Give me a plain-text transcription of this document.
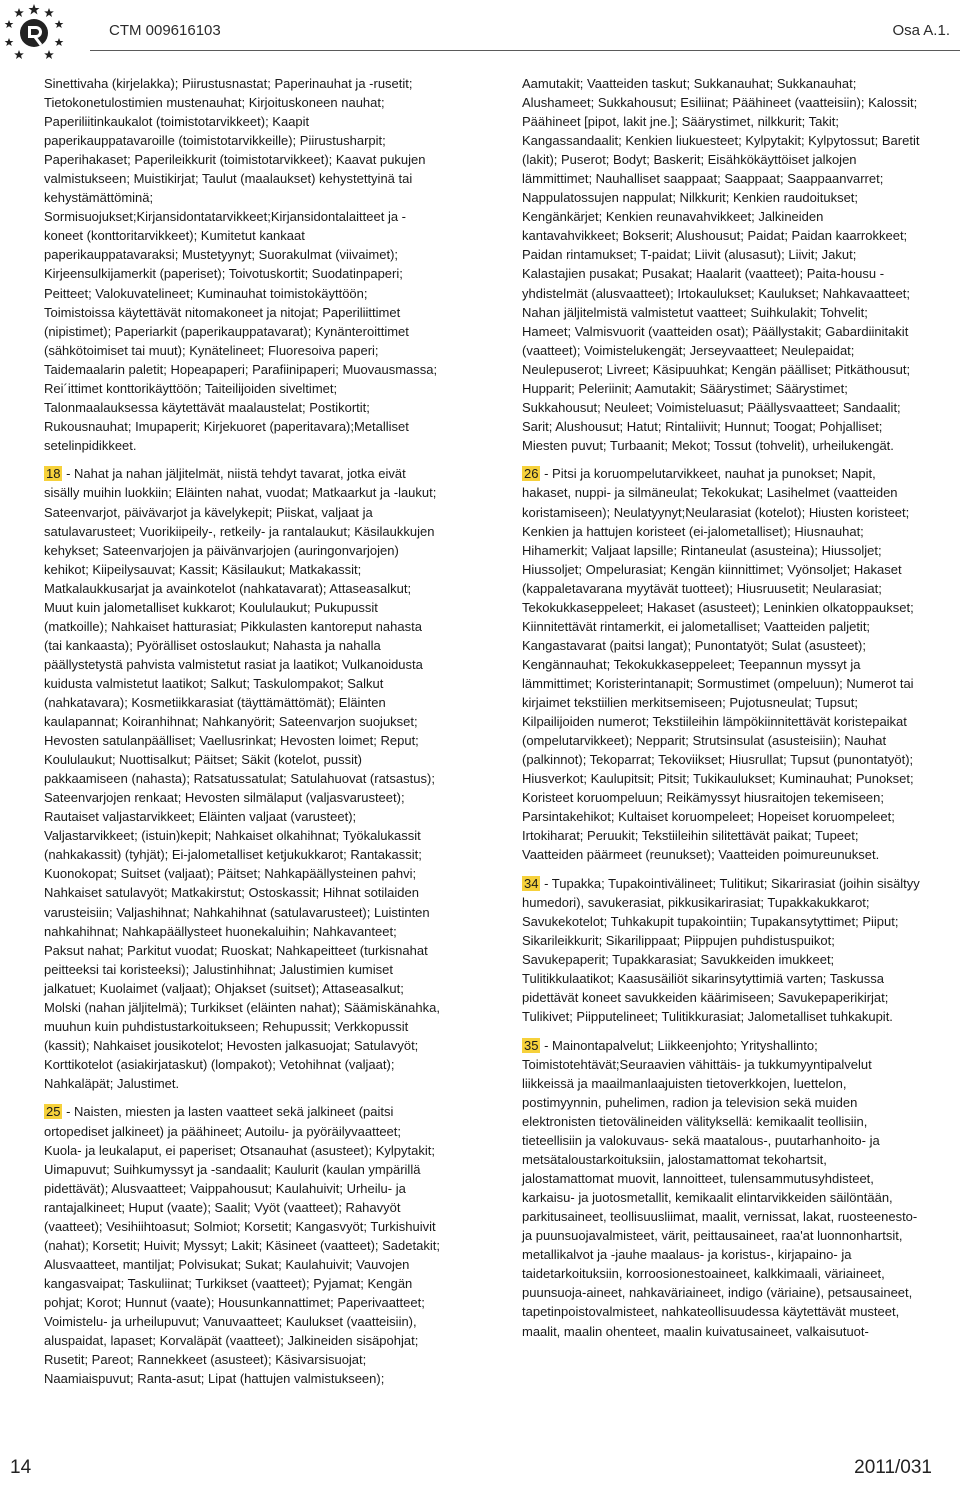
CTM 009616103	Osa A.1.

Sinettivaha (kirjelakka); Piirustusnastat; Paperinauhat ja -rusetit; Tietokonetulostimien mustenauhat; Kirjoituskoneen nauhat; Paperiliitinkaukalot (toimistotarvikkeet); Kaapit paperikauppatavaroille (toimistotarvikkeille); Piirustusharpit; Paperihakaset; Paperileikkurit (toimistotarvikkeet); Kaavat pukujen valmistukseen; Muistikirjat; Taulut (maalaukset) kehystettyinä tai kehystämättöminä; Sormisuojukset;Kirjansidontatarvikkeet;Kirjansidontalaitteet ja -koneet (konttoritarvikkeet); Kumitetut kankaat paperikauppatavaraksi; Mustetyynyt; Suorakulmat (viivaimet); Kirjeensulkijamerkit (paperiset); Toivotuskortit; Suodatinpaperi; Peitteet; Valokuvatelineet; Kuminauhat toimistokäyttöön; Toimistoissa käytettävät nitomakoneet ja nitojat; Paperiliittimet (nipistimet); Paperiarkit (paperikauppatavarat); Kynänteroittimet (sähkötoimiset tai muut); Kynätelineet; Fluoresoiva paperi; Taidemaalarin paletit; Hopeapaperi; Parafiinipaperi; Muovausmassa; Rei´ittimet konttorikäyttöön; Taiteilijoiden siveltimet; Talonmaalauksessa käytettävät maalaustelat; Postikortit; Rukousnauhat; Imupaperit; Kirjekuoret (paperitavara);Metalliset setelinpidikkeet.

18 - Nahat ja nahan jäljitelmät, niistä tehdyt tavarat, jotka eivät sisälly muihin luokkiin; Eläinten nahat, vuodat; Matkaarkut ja -laukut; Sateenvarjot, päivävarjot ja kävelykepit; Piiskat, valjaat ja satulavarusteet; Vuorikiipeily-, retkeily- ja rantalaukut; Käsilaukkujen kehykset; Sateenvarjojen ja päivänvarjojen (auringonvarjojen) kehikot; Kiipeilysauvat; Kassit; Käsilaukut; Matkakassit; Matkalaukkusarjat ja avainkotelot (nahkatavarat); Attaseasalkut; Muut kuin jalometalliset kukkarot; Koululaukut; Pukupussit (matkoille); Nahkaiset hatturasiat; Pikkulasten kantoreput nahasta (tai kankaasta); Pyörälliset ostoslaukut; Nahasta ja nahalla päällystetystä pahvista valmistetut rasiat ja laatikot; Vulkanoidusta kuidusta valmistetut laatikot; Salkut; Taskulompakot; Salkut (nahkatavara); Kosmetiikkarasiat (täyttämättömät); Eläinten kaulapannat; Koiranhihnat; Nahkanyörit; Sateenvarjon suojukset; Hevosten satulanpäälliset; Vaellusrinkat; Hevosten loimet; Reput; Koululaukut; Nuottisalkut; Päitset; Säkit (kotelot, pussit) pakkaamiseen (nahasta); Ratsatussatulat; Satulahuovat (ratsastus); Sateenvarjojen renkaat; Hevosten silmälaput (valjasvarusteet); Rautaiset valjastarvikkeet; Eläinten valjaat (varusteet); Valjastarvikkeet; (istuin)kepit; Nahkaiset olkahihnat; Työkalukassit (nahkakassit) (tyhjät); Ei-jalometalliset ketjukukkarot; Rantakassit; Kuonokopat; Suitset (valjaat); Päitset; Nahkapäällysteinen pahvi; Nahkaiset satulavyöt; Matkakirstut; Ostoskassit; Hihnat sotilaiden varusteisiin; Valjashihnat; Nahkahihnat (satulavarusteet); Luistinten nahkahihnat; Nahkapäällysteet huonekaluihin; Nahkavanteet; Paksut nahat; Parkitut vuodat; Ruoskat; Nahkapeitteet (turkisnahat peitteeksi tai koristeeksi); Jalustinhihnat; Jalustimien kumiset jalkatuet; Kuolaimet (valjaat); Ohjakset (suitset); Attaseasalkut; Molski (nahan jäljitelmä); Turkikset (eläinten nahat); Säämiskänahka, muuhun kuin puhdistustarkoitukseen; Rehupussit; Verkkopussit (kassit); Nahkaiset jousikotelot; Hevosten jalkasuojat; Satulavyöt; Korttikotelot (asiakirjataskut) (lompakot); Vetohihnat (valjaat); Nahkaläpät; Jalustimet.

25 - Naisten, miesten ja lasten vaatteet sekä jalkineet (paitsi ortopediset jalkineet) ja päähineet; Autoilu- ja pyöräilyvaatteet; Kuola- ja leukalaput, ei paperiset; Otsanauhat (asusteet); Kylpytakit; Uimapuvut; Suihkumyssyt ja -sandaalit; Kaulurit (kaulan ympärillä pidettävät); Alusvaatteet; Vaippahousut; Kaulahuivit; Urheilu- ja rantajalkineet; Huput (vaate); Saalit; Vyöt (vaatteet); Rahavyöt (vaatteet); Vesihiihtoasut; Solmiot; Korsetit; Kangasvyöt; Turkishuivit (nahat); Korsetit; Huivit; Myssyt; Lakit; Käsineet (vaatteet); Sadetakit; Alusvaatteet, mantiljat; Polvisukat; Sukat; Kaulahuivit; Vauvojen kangasvaipat; Taskuliinat; Turkikset (vaatteet); Pyjamat; Kengän pohjat; Korot; Hunnut (vaate); Housunkannattimet; Paperivaatteet; Voimistelu- ja urheilupuvut; Vanuvaatteet; Kaulukset (vaatteisiin), aluspaidat, lapaset; Korvaläpät (vaatteet); Jalkineiden sisäpohjat; Rusetit; Pareot; Rannekkeet (asusteet); Käsivarsisuojat; Naamiaispuvut; Ranta-asut; Lipat (hattujen valmistukseen);

Aamutakit; Vaatteiden taskut; Sukkanauhat; Sukkanauhat; Alushameet; Sukkahousut; Esiliinat; Päähineet (vaatteisiin); Kalossit; Päähineet [pipot, lakit jne.]; Säärystimet, nilkkurit; Takit; Kangassandaalit; Kenkien liukuesteet; Kylpytakit; Kylpytossut; Baretit (lakit); Puserot; Bodyt; Baskerit; Eisähkökäyttöiset jalkojen lämmittimet; Nauhalliset saappaat; Saappaat; Saappaanvarret; Nappulatossujen nappulat; Nilkkurit; Kenkien raudoitukset; Kengänkärjet; Kenkien reunavahvikkeet; Jalkineiden kantavahvikkeet; Bokserit; Alushousut; Paidat; Paidan kaarrokkeet; Paidan rintamukset; T-paidat; Liivit (alusasut); Liivit; Jakut; Kalastajien pusakat; Pusakat; Haalarit (vaatteet); Paita-housu -yhdistelmät (alusvaatteet); Irtokaulukset; Kaulukset; Nahkavaatteet; Nahan jäljitelmistä valmistetut vaatteet; Suihkulakit; Tohvelit; Hameet; Valmisvuorit (vaatteiden osat); Päällystakit; Gabardiinitakit (vaatteet); Voimistelukengät; Jerseyvaatteet; Neulepaidat; Neulepuserot; Livreet; Käsipuuhkat; Kengän päälliset; Pitkäthousut; Hupparit; Peleriinit; Aamutakit; Säärystimet; Säärystimet; Sukkahousut; Neuleet; Voimisteluasut; Päällysvaatteet; Sandaalit; Sarit; Alushousut; Hatut; Rintaliivit; Hunnut; Toogat; Pohjalliset; Miesten puvut; Turbaanit; Mekot; Tossut (tohvelit), urheilukengät.

26 - Pitsi ja koruompelutarvikkeet, nauhat ja punokset; Napit, hakaset, nuppi- ja silmäneulat; Tekokukat; Lasihelmet (vaatteiden koristamiseen); Neulatyynyt;Neularasiat (kotelot); Hiusten koristeet; Kenkien ja hattujen koristeet (ei-jalometalliset); Hiusnauhat; Hihamerkit; Valjaat lapsille; Rintaneulat (asusteina); Hiussoljet; Hiussoljet; Ompelurasiat; Kengän kiinnittimet; Vyönsoljet; Hakaset (kappaletavarana myytävät tuotteet); Hiusruusetit; Neularasiat; Tekokukkaseppeleet; Hakaset (asusteet); Leninkien olkatoppaukset; Kiinnitettävät rintamerkit, ei jalometalliset; Vaatteiden paljetit; Kangastavarat (paitsi langat); Punontatyöt; Sulat (asusteet); Kengännauhat; Tekokukkaseppeleet; Teepannun myssyt ja lämmittimet; Koristerintanapit; Sormustimet (ompeluun); Numerot tai kirjaimet tekstiilien merkitsemiseen; Pujotusneulat; Tupsut; Kilpailijoiden numerot; Tekstiileihin lämpökiinnitettävät koristepaikat (ompelutarvikkeet); Nepparit; Strutsinsulat (asusteisiin); Nauhat (palkinnot); Tekoparrat; Tekoviikset; Hiusrullat; Tupsut (punontatyöt); Hiusverkot; Kaulupitsit; Pitsit; Tukikaulukset; Kuminauhat; Punokset; Koristeet koruompeluun; Reikämyssyt hiusraitojen tekemiseen; Parsintakehikot; Kultaiset koruompeleet; Hopeiset koruompeleet; Irtokiharat; Peruukit; Tekstiileihin silitettävät paikat; Tupeet; Vaatteiden päärmeet (reunukset); Vaatteiden poimureunukset.

34 - Tupakka; Tupakointivälineet; Tulitikut; Sikarirasiat (joihin sisältyy humedori), savukerasiat, pikkusikarirasiat; Tupakkakukkarot; Savukekotelot; Tuhkakupit tupakointiin; Tupakansytyttimet; Piiput; Sikarileikkurit; Sikarilippaat; Piippujen puhdistuspuikot; Savukepaperit; Tupakkarasiat; Savukkeiden imukkeet; Tulitikkulaatikot; Kaasusäiliöt sikarinsytyttimiä varten; Taskussa pidettävät koneet savukkeiden käärimiseen; Savukepaperikirjat; Tulikivet; Piipputelineet; Tulitikkurasiat; Jalometalliset tuhkakupit.

35 - Mainontapalvelut; Liikkeenjohto; Yrityshallinto; Toimistotehtävät;Seuraavien vähittäis- ja tukkumyyntipalvelut liikkeissä ja maailmanlaajuisten tietoverkkojen, luettelon, postimyynnin, puhelimen, radion ja television sekä muiden elektronisten tietovälineiden välityksellä: kemikaalit teollisiin, tieteellisiin ja valokuvaus- sekä maatalous-, puutarhanhoito- ja metsätaloustarkoituksiin, jalostamattomat tekohartsit, jalostamattomat muovit, lannoitteet, tulensammutusyhdisteet, karkaisu- ja juotosmetallit, kemikaalit elintarvikkeiden säilöntään, parkitusaineet, teollisuusliimat, maalit, vernissat, lakat, ruosteenesto- ja puunsuojavalmisteet, värit, peittausaineet, raa'at luonnonhartsit, metallikalvot ja -jauhe maalaus- ja koristus-, kirjapaino- ja taidetarkoituksiin, korroosionestoaineet, kalkkimaali, väriaineet, puunsuoja-aineet, nahkaväriaineet, indigo (väriaine), petsausaineet, tapetinpoistovalmisteet, nahkateollisuudessa käytettävät musteet, maalit, maalin ohenteet, maalin kuivatusaineet, valkaisutuot-

14	2011/031
